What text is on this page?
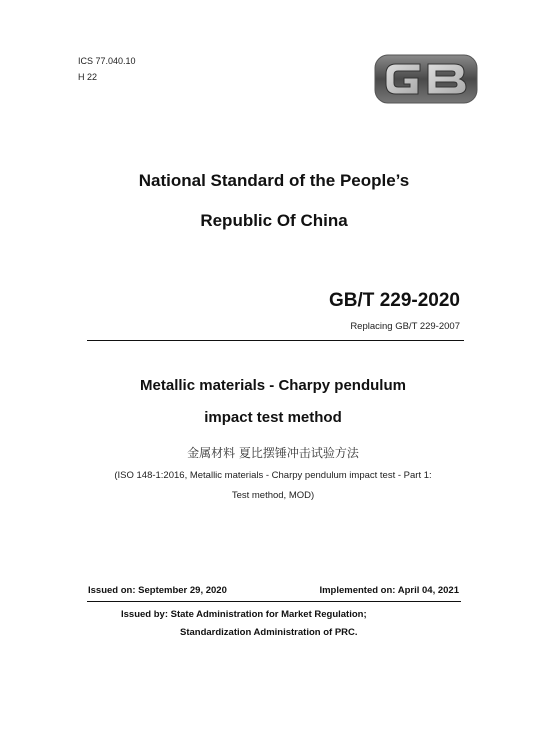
ICS 77.040.10
H 22
National Standard of the People’s
Republic Of China
GB/T 229-2020
Replacing GB/T 229-2007
Metallic materials - Charpy pendulum
impact test method
金属材料 夏比摆锤冲击试验方法
(ISO 148-1:2016, Metallic materials - Charpy pendulum impact test - Part 1:
Test method, MOD)
Issued on: September 29, 2020	Implemented on: April 04, 2021
Issued by: State Administration for Market Regulation;
Standardization Administration of PRC.
